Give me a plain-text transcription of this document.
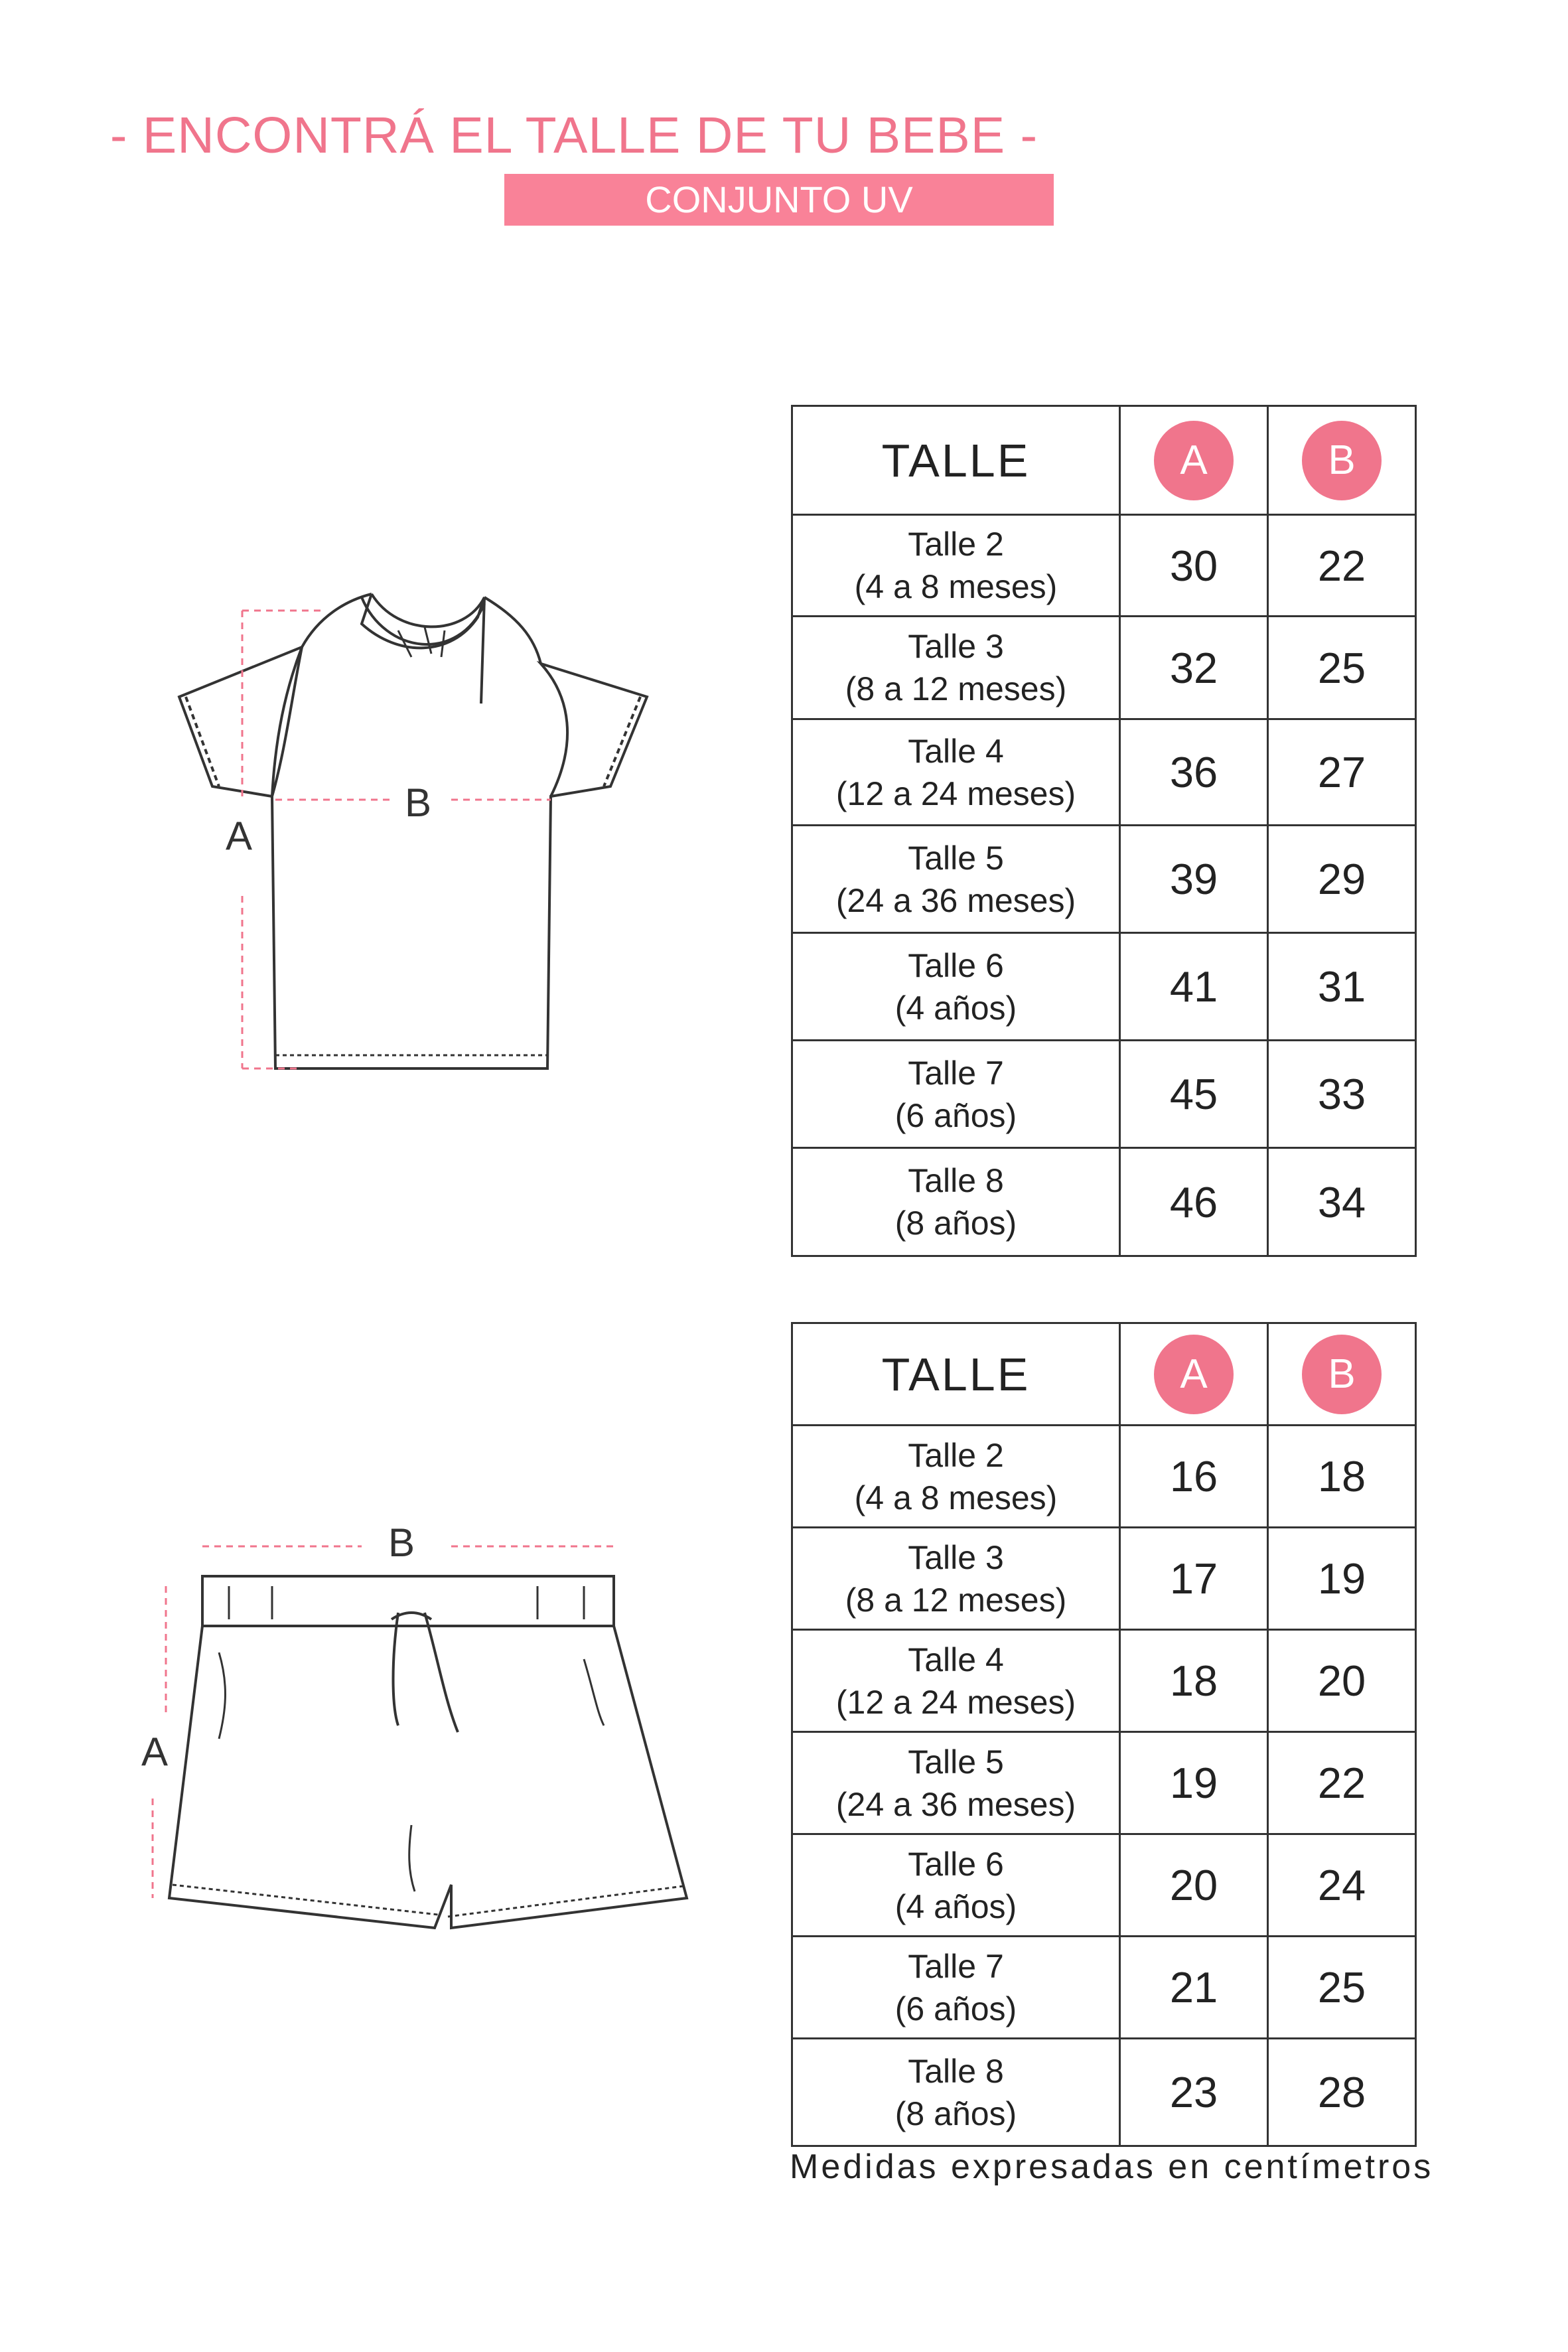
- ENCONTRÁ EL TALLE DE TU BEBE -
CONJUNTO UV
A
B
B
A
TALLE	A	B

Talle 2
(4 a 8 meses)	30	22

Talle 3
(8 a 12 meses)	32	25

Talle 4
(12 a 24 meses)	36	27

Talle 5
(24 a 36 meses)	39	29

Talle 6
(4 años)	41	31

Talle 7
(6 años)	45	33

Talle 8
(8 años)	46	34
TALLE	A	B

Talle 2
(4 a 8 meses)	16	18

Talle 3
(8 a 12 meses)	17	19

Talle 4
(12 a 24 meses)	18	20

Talle 5
(24 a 36 meses)	19	22

Talle 6
(4 años)	20	24

Talle 7
(6 años)	21	25

Talle 8
(8 años)	23	28
Medidas expresadas en centímetros
